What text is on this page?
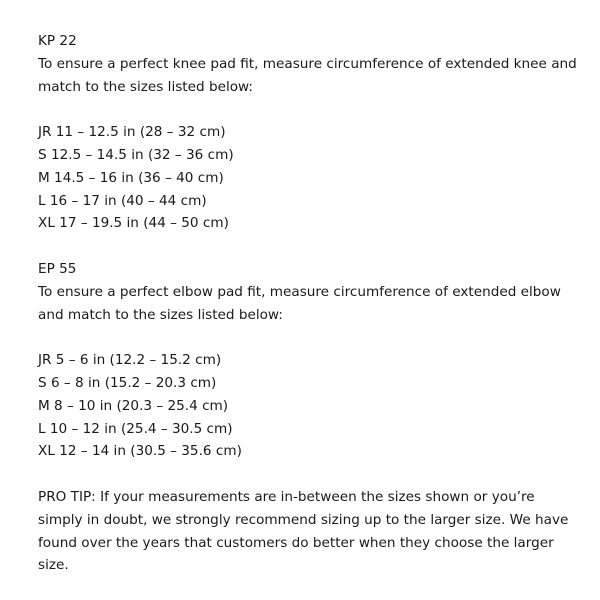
KP 22

To ensure a perfect knee pad fit, measure circumference of extended knee and match to the sizes listed below:

JR 11 – 12.5 in (28 – 32 cm)
S 12.5 – 14.5 in (32 – 36 cm)
M 14.5 – 16 in (36 – 40 cm)
L 16 – 17 in (40 – 44 cm)
XL 17 – 19.5 in (44 – 50 cm)

EP 55

To ensure a perfect elbow pad fit, measure circumference of extended elbow and match to the sizes listed below:

JR 5 – 6 in (12.2 – 15.2 cm)
S 6 – 8 in (15.2 – 20.3 cm)
M 8 – 10 in (20.3 – 25.4 cm)
L 10 – 12 in (25.4 – 30.5 cm)
XL 12 – 14 in (30.5 – 35.6 cm)

PRO TIP: If your measurements are in-between the sizes shown or you’re simply in doubt, we strongly recommend sizing up to the larger size. We have found over the years that customers do better when they choose the larger size.
